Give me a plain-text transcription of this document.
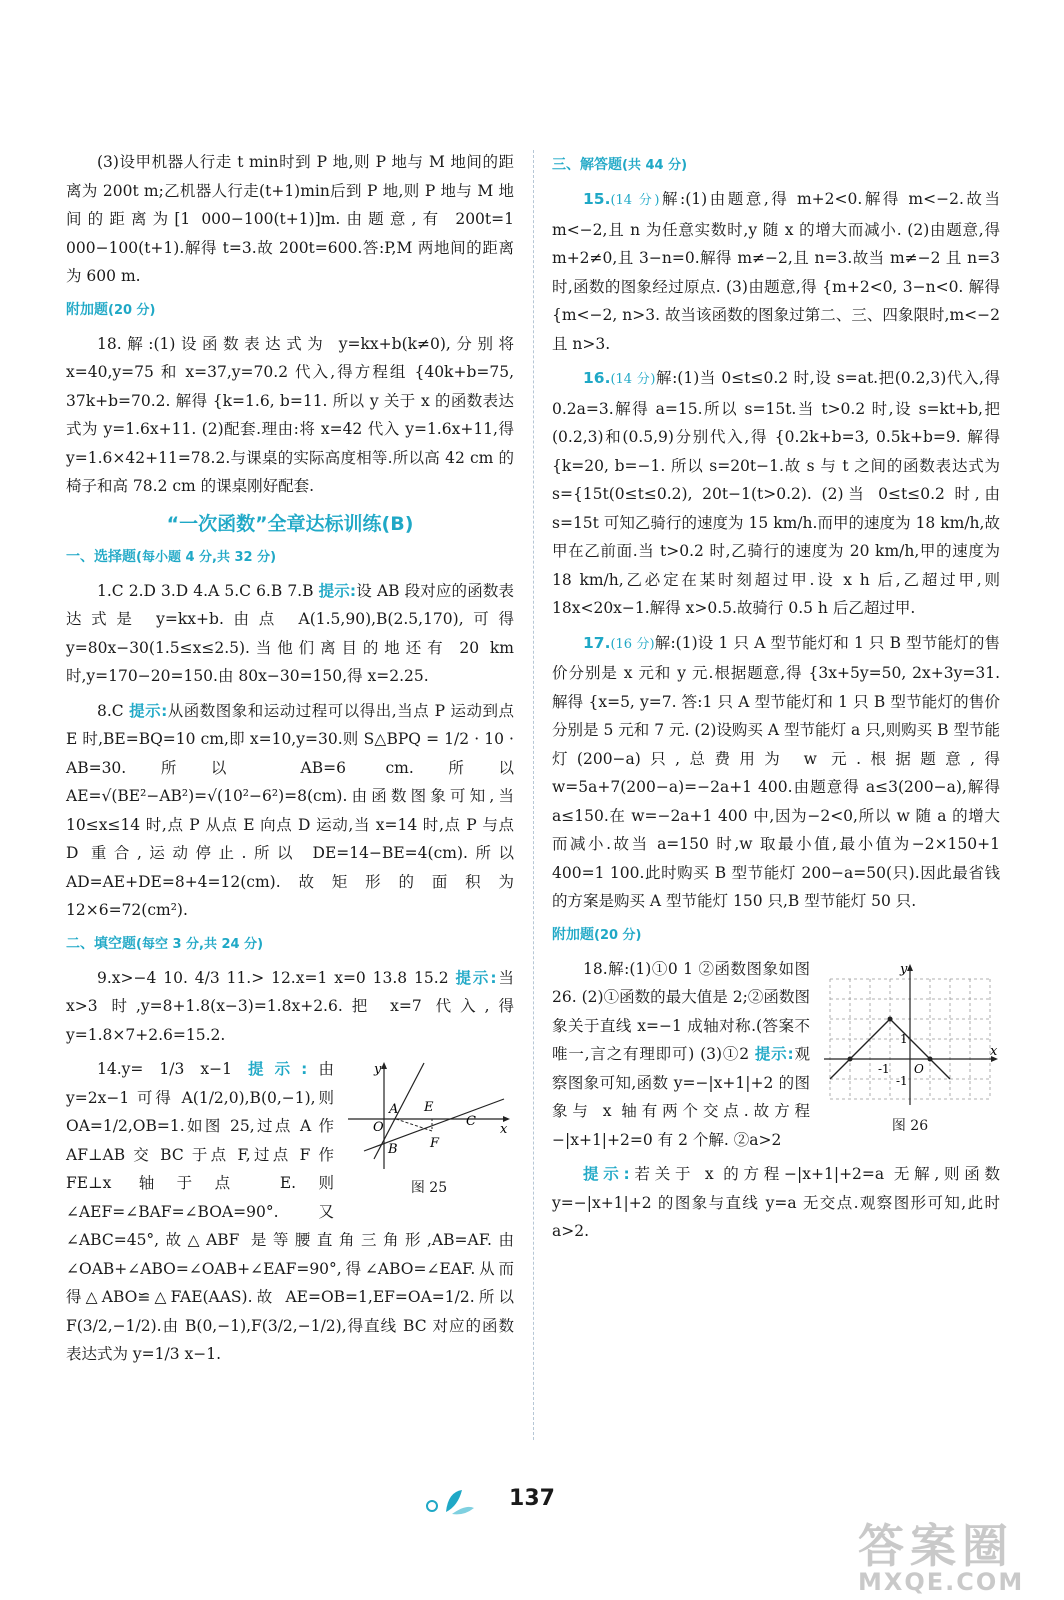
(3)设甲机器人行走 t min时到 P 地,则 P 地与 M 地间的距离为 200t m;乙机器人行走(t+1)min后到 P 地,则 P 地与 M 地间的距离为[1 000−100(t+1)]m.由题意,有 200t=1 000−100(t+1).解得 t=3.故 200t=600.答:P,M 两地间的距离为 600 m.

附加题(20 分)

18.解:(1)设函数表达式为 y=kx+b(k≠0),分别将 x=40,y=75 和 x=37,y=70.2 代入,得方程组 {40k+b=75, 37k+b=70.2. 解得 {k=1.6, b=11. 所以 y 关于 x 的函数表达式为 y=1.6x+11. (2)配套.理由:将 x=42 代入 y=1.6x+11,得 y=1.6×42+11=78.2.与课桌的实际高度相等.所以高 42 cm 的椅子和高 78.2 cm 的课桌刚好配套.

“一次函数”全章达标训练(B)
一、选择题(每小题 4 分,共 32 分)

1.C 2.D 3.D 4.A 5.C 6.B 7.B 提示:设 AB 段对应的函数表达式是 y=kx+b.由点 A(1.5,90),B(2.5,170),可得 y=80x−30(1.5≤x≤2.5).当他们离目的地还有 20 km 时,y=170−20=150.由 80x−30=150,得 x=2.25.

8.C 提示:从函数图象和运动过程可以得出,当点 P 运动到点 E 时,BE=BQ=10 cm,即 x=10,y=30.则 S△BPQ = 1/2 · 10 · AB=30.所以 AB=6 cm.所以 AE=√(BE²−AB²)=√(10²−6²)=8(cm).由函数图象可知,当 10≤x≤14 时,点 P 从点 E 向点 D 运动,当 x=14 时,点 P 与点 D 重合,运动停止.所以 DE=14−BE=4(cm).所以 AD=AE+DE=8+4=12(cm).故矩形的面积为 12×6=72(cm²).

二、填空题(每空 3 分,共 24 分)

9.x>−4 10. 4/3 11.> 12.x=1 x=0 13.8 15.2 提示:当 x>3 时,y=8+1.8(x−3)=1.8x+2.6.把 x=7 代入,得 y=1.8×7+2.6=15.2.

y
x
A E
O
F
C
B
图 25

14.y= 1/3 x−1 提示:由 y=2x−1 可得 A(1/2,0),B(0,−1),则 OA=1/2,OB=1.如图 25,过点 A 作 AF⊥AB 交 BC 于点 F,过点 F 作 FE⊥x 轴于点 E.则∠AEF=∠BAF=∠BOA=90°.又∠ABC=45°,故△ABF 是等腰直角三角形,AB=AF.由∠OAB+∠ABO=∠OAB+∠EAF=90°,得∠ABO=∠EAF.从而得△ABO≌△FAE(AAS).故 AE=OB=1,EF=OA=1/2.所以 F(3/2,−1/2).由 B(0,−1),F(3/2,−1/2),得直线 BC 对应的函数表达式为 y=1/3 x−1.

三、解答题(共 44 分)

15.(14 分)解:(1)由题意,得 m+2<0.解得 m<−2.故当 m<−2,且 n 为任意实数时,y 随 x 的增大而减小. (2)由题意,得 m+2≠0,且 3−n=0.解得 m≠−2,且 n=3.故当 m≠−2 且 n=3 时,函数的图象经过原点. (3)由题意,得 {m+2<0, 3−n<0. 解得 {m<−2, n>3. 故当该函数的图象过第二、三、四象限时,m<−2 且 n>3.

16.(14 分)解:(1)当 0≤t≤0.2 时,设 s=at.把(0.2,3)代入,得 0.2a=3.解得 a=15.所以 s=15t.当 t>0.2 时,设 s=kt+b,把(0.2,3)和(0.5,9)分别代入,得 {0.2k+b=3, 0.5k+b=9. 解得 {k=20, b=−1. 所以 s=20t−1.故 s 与 t 之间的函数表达式为 s={15t(0≤t≤0.2), 20t−1(t>0.2). (2)当 0≤t≤0.2 时,由 s=15t 可知乙骑行的速度为 15 km/h.而甲的速度为 18 km/h,故甲在乙前面.当 t>0.2 时,乙骑行的速度为 20 km/h,甲的速度为 18 km/h,乙必定在某时刻超过甲.设 x h 后,乙超过甲,则 18x<20x−1.解得 x>0.5.故骑行 0.5 h 后乙超过甲.

17.(16 分)解:(1)设 1 只 A 型节能灯和 1 只 B 型节能灯的售价分别是 x 元和 y 元.根据题意,得 {3x+5y=50, 2x+3y=31. 解得 {x=5, y=7. 答:1 只 A 型节能灯和 1 只 B 型节能灯的售价分别是 5 元和 7 元. (2)设购买 A 型节能灯 a 只,则购买 B 型节能灯(200−a)只,总费用为 w 元.根据题意,得 w=5a+7(200−a)=−2a+1 400.由题意得 a≤3(200−a),解得 a≤150.在 w=−2a+1 400 中,因为−2<0,所以 w 随 a 的增大而减小.故当 a=150 时,w 取最小值,最小值为−2×150+1 400=1 100.此时购买 B 型节能灯 200−a=50(只).因此最省钱的方案是购买 A 型节能灯 150 只,B 型节能灯 50 只.

附加题(20 分)
y
x
1
-1 O
-1
图 26

18.解:(1)①0 1 ②函数图象如图 26. (2)①函数的最大值是 2;②函数图象关于直线 x=−1 成轴对称.(答案不唯一,言之有理即可) (3)①2 提示:观察图象可知,函数 y=−|x+1|+2 的图象与 x 轴有两个交点.故方程−|x+1|+2=0 有 2 个解. ②a>2

提示:若关于 x 的方程−|x+1|+2=a 无解,则函数 y=−|x+1|+2 的图象与直线 y=a 无交点.观察图形可知,此时 a>2.

137
答案圈
MXQE.COM
